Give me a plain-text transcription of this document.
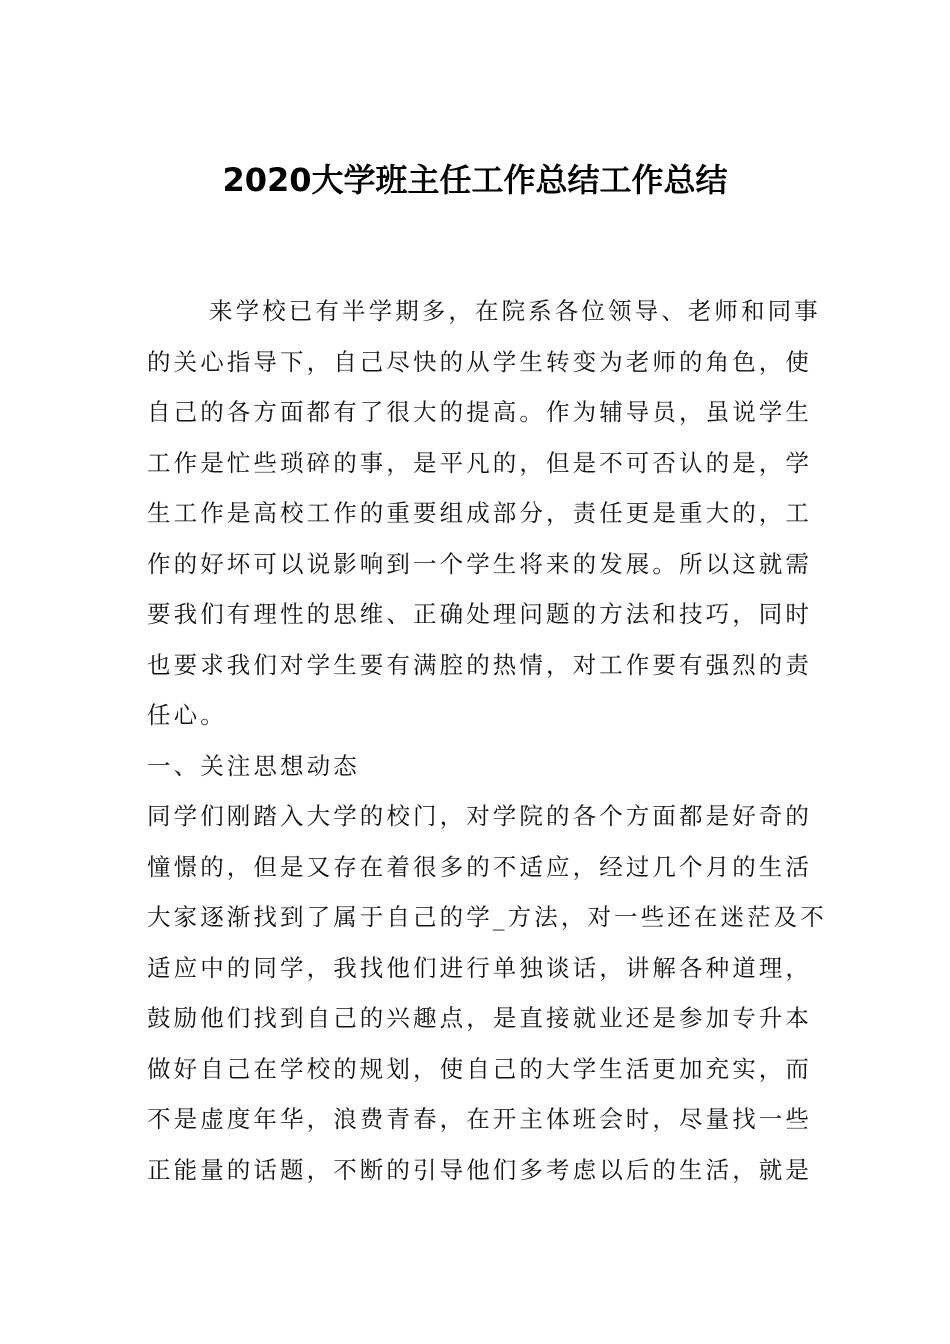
2020大学班主任工作总结工作总结
来学校已有半学期多，在院系各位领导、老师和同事
的关心指导下，自己尽快的从学生转变为老师的角色，使
自己的各方面都有了很大的提高。作为辅导员，虽说学生
工作是忙些琐碎的事，是平凡的，但是不可否认的是，学
生工作是高校工作的重要组成部分，责任更是重大的，工
作的好坏可以说影响到一个学生将来的发展。所以这就需
要我们有理性的思维、正确处理问题的方法和技巧，同时
也要求我们对学生要有满腔的热情，对工作要有强烈的责
任心。
一、关注思想动态
同学们刚踏入大学的校门，对学院的各个方面都是好奇的
憧憬的，但是又存在着很多的不适应，经过几个月的生活
大家逐渐找到了属于自己的学_方法，对一些还在迷茫及不
适应中的同学，我找他们进行单独谈话，讲解各种道理，
鼓励他们找到自己的兴趣点，是直接就业还是参加专升本
做好自己在学校的规划，使自己的大学生活更加充实，而
不是虚度年华，浪费青春，在开主体班会时，尽量找一些
正能量的话题，不断的引导他们多考虑以后的生活，就是
